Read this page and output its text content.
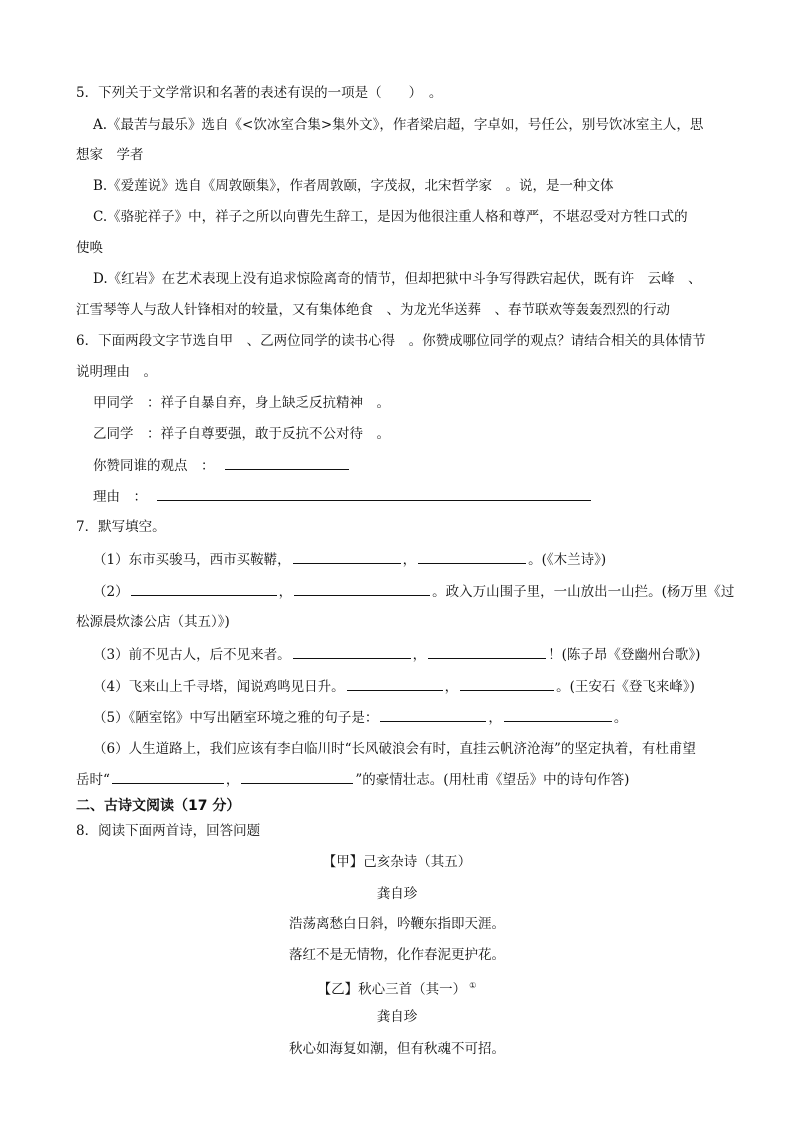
5．下列关于文学常识和名著的表述有误的一项是（　　）　。
A.《最苦与最乐》选自《<饮冰室合集>集外文》，作者梁启超，字卓如，号任公，别号饮冰室主人，思
想家　学者
B.《爱莲说》选自《周敦颐集》，作者周敦颐，字茂叔，北宋哲学家　。说，是一种文体
C.《骆驼祥子》中，祥子之所以向曹先生辞工，是因为他很注重人格和尊严，不堪忍受对方牲口式的
使唤
D.《红岩》在艺术表现上没有追求惊险离奇的情节，但却把狱中斗争写得跌宕起伏，既有许　云峰　、
江雪琴等人与敌人针锋相对的较量，又有集体绝食　、为龙光华送葬　、春节联欢等轰轰烈烈的行动
6．下面两段文字节选自甲　、乙两位同学的读书心得　。你赞成哪位同学的观点？请结合相关的具体情节
说明理由　。
甲同学　：祥子自暴自弃，身上缺乏反抗精神　。
乙同学　：祥子自尊要强，敢于反抗不公对待　。
你赞同谁的观点　：
理由　：
7．默写填空。
（1）东市买骏马，西市买鞍鞯，	，	。(《木兰诗》)
（2）	，	。政入万山围子里，一山放出一山拦。(杨万里《过
松源晨炊漆公店（其五）》)
（3）前不见古人，后不见来者。	，	！(陈子昂《登幽州台歌》)
（4）飞来山上千寻塔，闻说鸡鸣见日升。	，	。(王安石《登飞来峰》)
（5）《陋室铭》中写出陋室环境之雅的句子是：	，	。
（6）人生道路上，我们应该有李白临川时“长风破浪会有时，直挂云帆济沧海”的坚定执着，有杜甫望
岳时“	，	”的豪情壮志。(用杜甫《望岳》中的诗句作答)
二、古诗文阅读（17 分）
8．阅读下面两首诗，回答问题
【甲】己亥杂诗（其五）
龚自珍
浩荡离愁白日斜，吟鞭东指即天涯。
落红不是无情物，化作春泥更护花。
【乙】秋心三首（其一） ①
龚自珍
秋心如海复如潮，但有秋魂不可招。
